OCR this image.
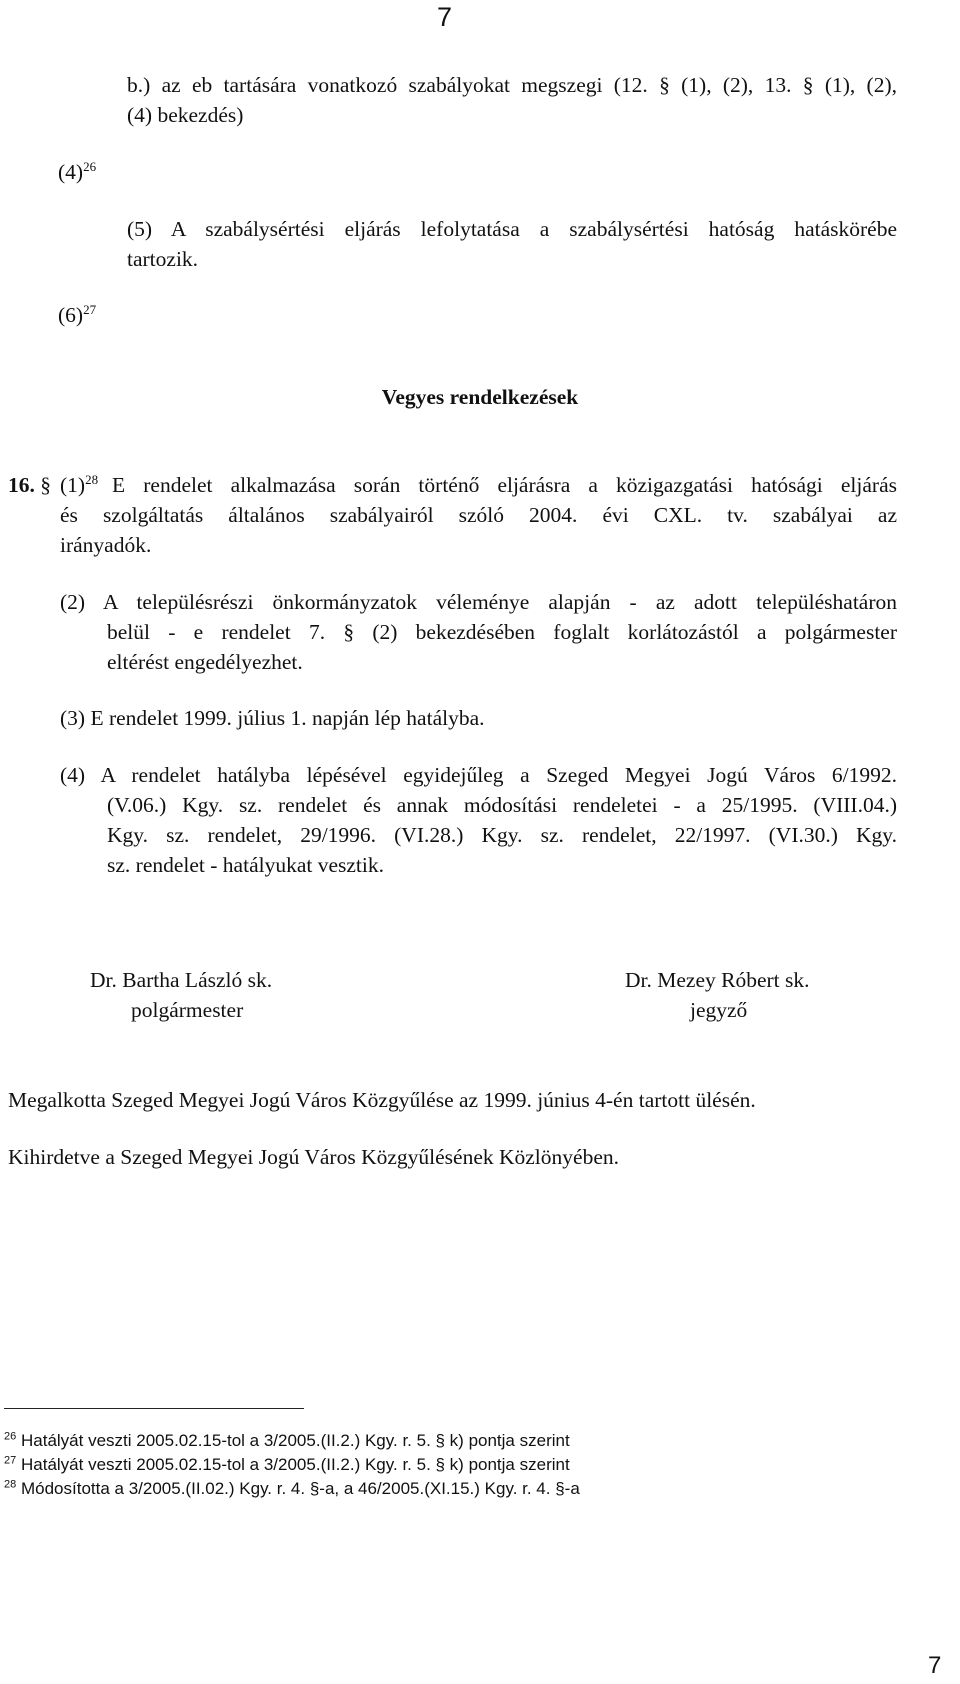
7
b.) az eb tartására vonatkozó szabályokat megszegi (12. § (1), (2), 13. § (1), (2),
(4) bekezdés)
$(4)^{26}$
(5) A szabálysértési eljárás lefolytatása a szabálysértési hatóság hatáskörébe
tartozik.
$(6)^{27}$
Vegyes rendelkezések
16. § $(1)^{28}$ E rendelet alkalmazása során történő eljárásra a közigazgatási hatósági eljárás
és szolgáltatás általános szabályairól szóló 2004. évi CXL. tv. szabályai az
irányadók.
(2) A településrészi önkormányzatok véleménye alapján - az adott településhatáron
belül - e rendelet 7. § (2) bekezdésében foglalt korlátozástól a polgármester
eltérést engedélyezhet.
(3) E rendelet 1999. július 1. napján lép hatályba.
(4) A rendelet hatályba lépésével egyidejűleg a Szeged Megyei Jogú Város 6/1992.
(V.06.) Kgy. sz. rendelet és annak módosítási rendeletei - a 25/1995. (VIII.04.)
Kgy. sz. rendelet, 29/1996. (VI.28.) Kgy. sz. rendelet, 22/1997. (VI.30.) Kgy.
sz. rendelet - hatályukat vesztik.
Dr. Bartha László sk.
polgármester
Dr. Mezey Róbert sk.
jegyző
Megalkotta Szeged Megyei Jogú Város Közgyűlése az 1999. június 4-én tartott ülésén.
Kihirdetve a Szeged Megyei Jogú Város Közgyűlésének Közlönyében.
$^{26}$ Hatályát veszti 2005.02.15-tol a 3/2005.(II.2.) Kgy. r. 5. § k) pontja szerint
$^{27}$ Hatályát veszti 2005.02.15-tol a 3/2005.(II.2.) Kgy. r. 5. § k) pontja szerint
$^{28}$ Módosította a 3/2005.(II.02.) Kgy. r. 4. §-a, a 46/2005.(XI.15.) Kgy. r. 4. §-a
7
